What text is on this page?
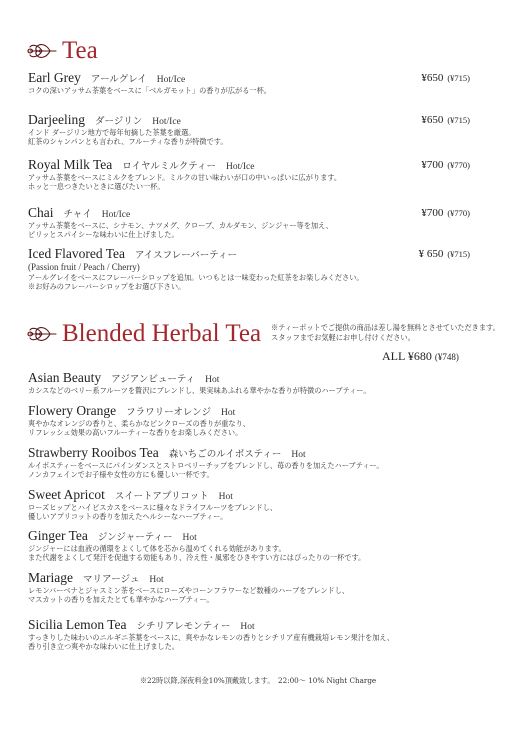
Tea
Earl Grey アールグレイ Hot/Ice	¥650 (¥715)
コクの深いアッサム茶葉をベースに「ベルガモット」の香りが広がる一杯。
Darjeeling ダージリン Hot/Ice	¥650 (¥715)
インド ダージリン地方で毎年旬摘した茶葉を厳選。
紅茶のシャンパンとも言われ、フルーティな香りが特徴です。
Royal Milk Tea ロイヤルミルクティー Hot/Ice	¥700 (¥770)
アッサム茶葉をベースにミルクをブレンド。ミルクの甘い味わいが口の中いっぱいに広がります。
ホッと一息つきたいときに選びたい一杯。
Chai チャイ Hot/Ice	¥700 (¥770)
アッサム茶葉をベースに、シナモン、ナツメグ、クローブ、カルダモン、ジンジャー等を加え、
ピリッとスパイシーな味わいに仕上げました。
Iced Flavored Tea アイスフレーバーティー	¥ 650 (¥715)
(Passion fruit / Peach / Cherry)
アールグレイをベースにフレーバーシロップを追加。いつもとは一味変わった紅茶をお楽しみください。
※お好みのフレーバーシロップをお選び下さい。
Blended Herbal Tea ※ティーポットでご提供の商品は差し湯を無料とさせていただきます。
スタッフまでお気軽にお申し付けください。
ALL ¥680 (¥748)
Asian Beauty アジアンビューティ Hot
カシスなどのベリー系フルーツを贅沢にブレンドし、果実味あふれる華やかな香りが特徴のハーブティー。
Flowery Orange フラワリーオレンジ Hot
爽やかなオレンジの香りと、柔らかなピンクローズの香りが重なり、
リフレッシュ効果の高いフルーティーな香りをお楽しみください。
Strawberry Rooibos Tea 森いちごのルイボスティー Hot
ルイボスティーをベースにパインダンスとストロベリーチップをブレンドし、苺の香りを加えたハーブティー。
ノンカフェインでお子様や女性の方にも優しい一杯です。
Sweet Apricot スイートアプリコット Hot
ローズヒップとハイビスカスをベースに様々なドライフルーツをブレンドし、
優しいアプリコットの香りを加えたヘルシーなハーブティー。
Ginger Tea ジンジャーティー Hot
ジンジャーには血液の循環をよくして体を芯から温めてくれる効能があります。
また代謝をよくして発汗を促進する効能もあり、冷え性・風邪をひきやすい方にはぴったりの一杯です。
Mariage マリアージュ Hot
レモンバーベナとジャスミン茶をベースにローズやコーンフラワーなど数種のハーブをブレンドし、
マスカットの香りを加えたとても華やかなハーブティー。
Sicilia Lemon Tea シチリアレモンティー Hot
すっきりした味わいのニルギニ茶葉をベースに、爽やかなレモンの香りとシチリア産有機栽培レモン果汁を加え、
香り引き立つ爽やかな味わいに仕上げました。
※22時以降,深夜料金10%頂戴致します。　22:00～ 10% Night Charge
